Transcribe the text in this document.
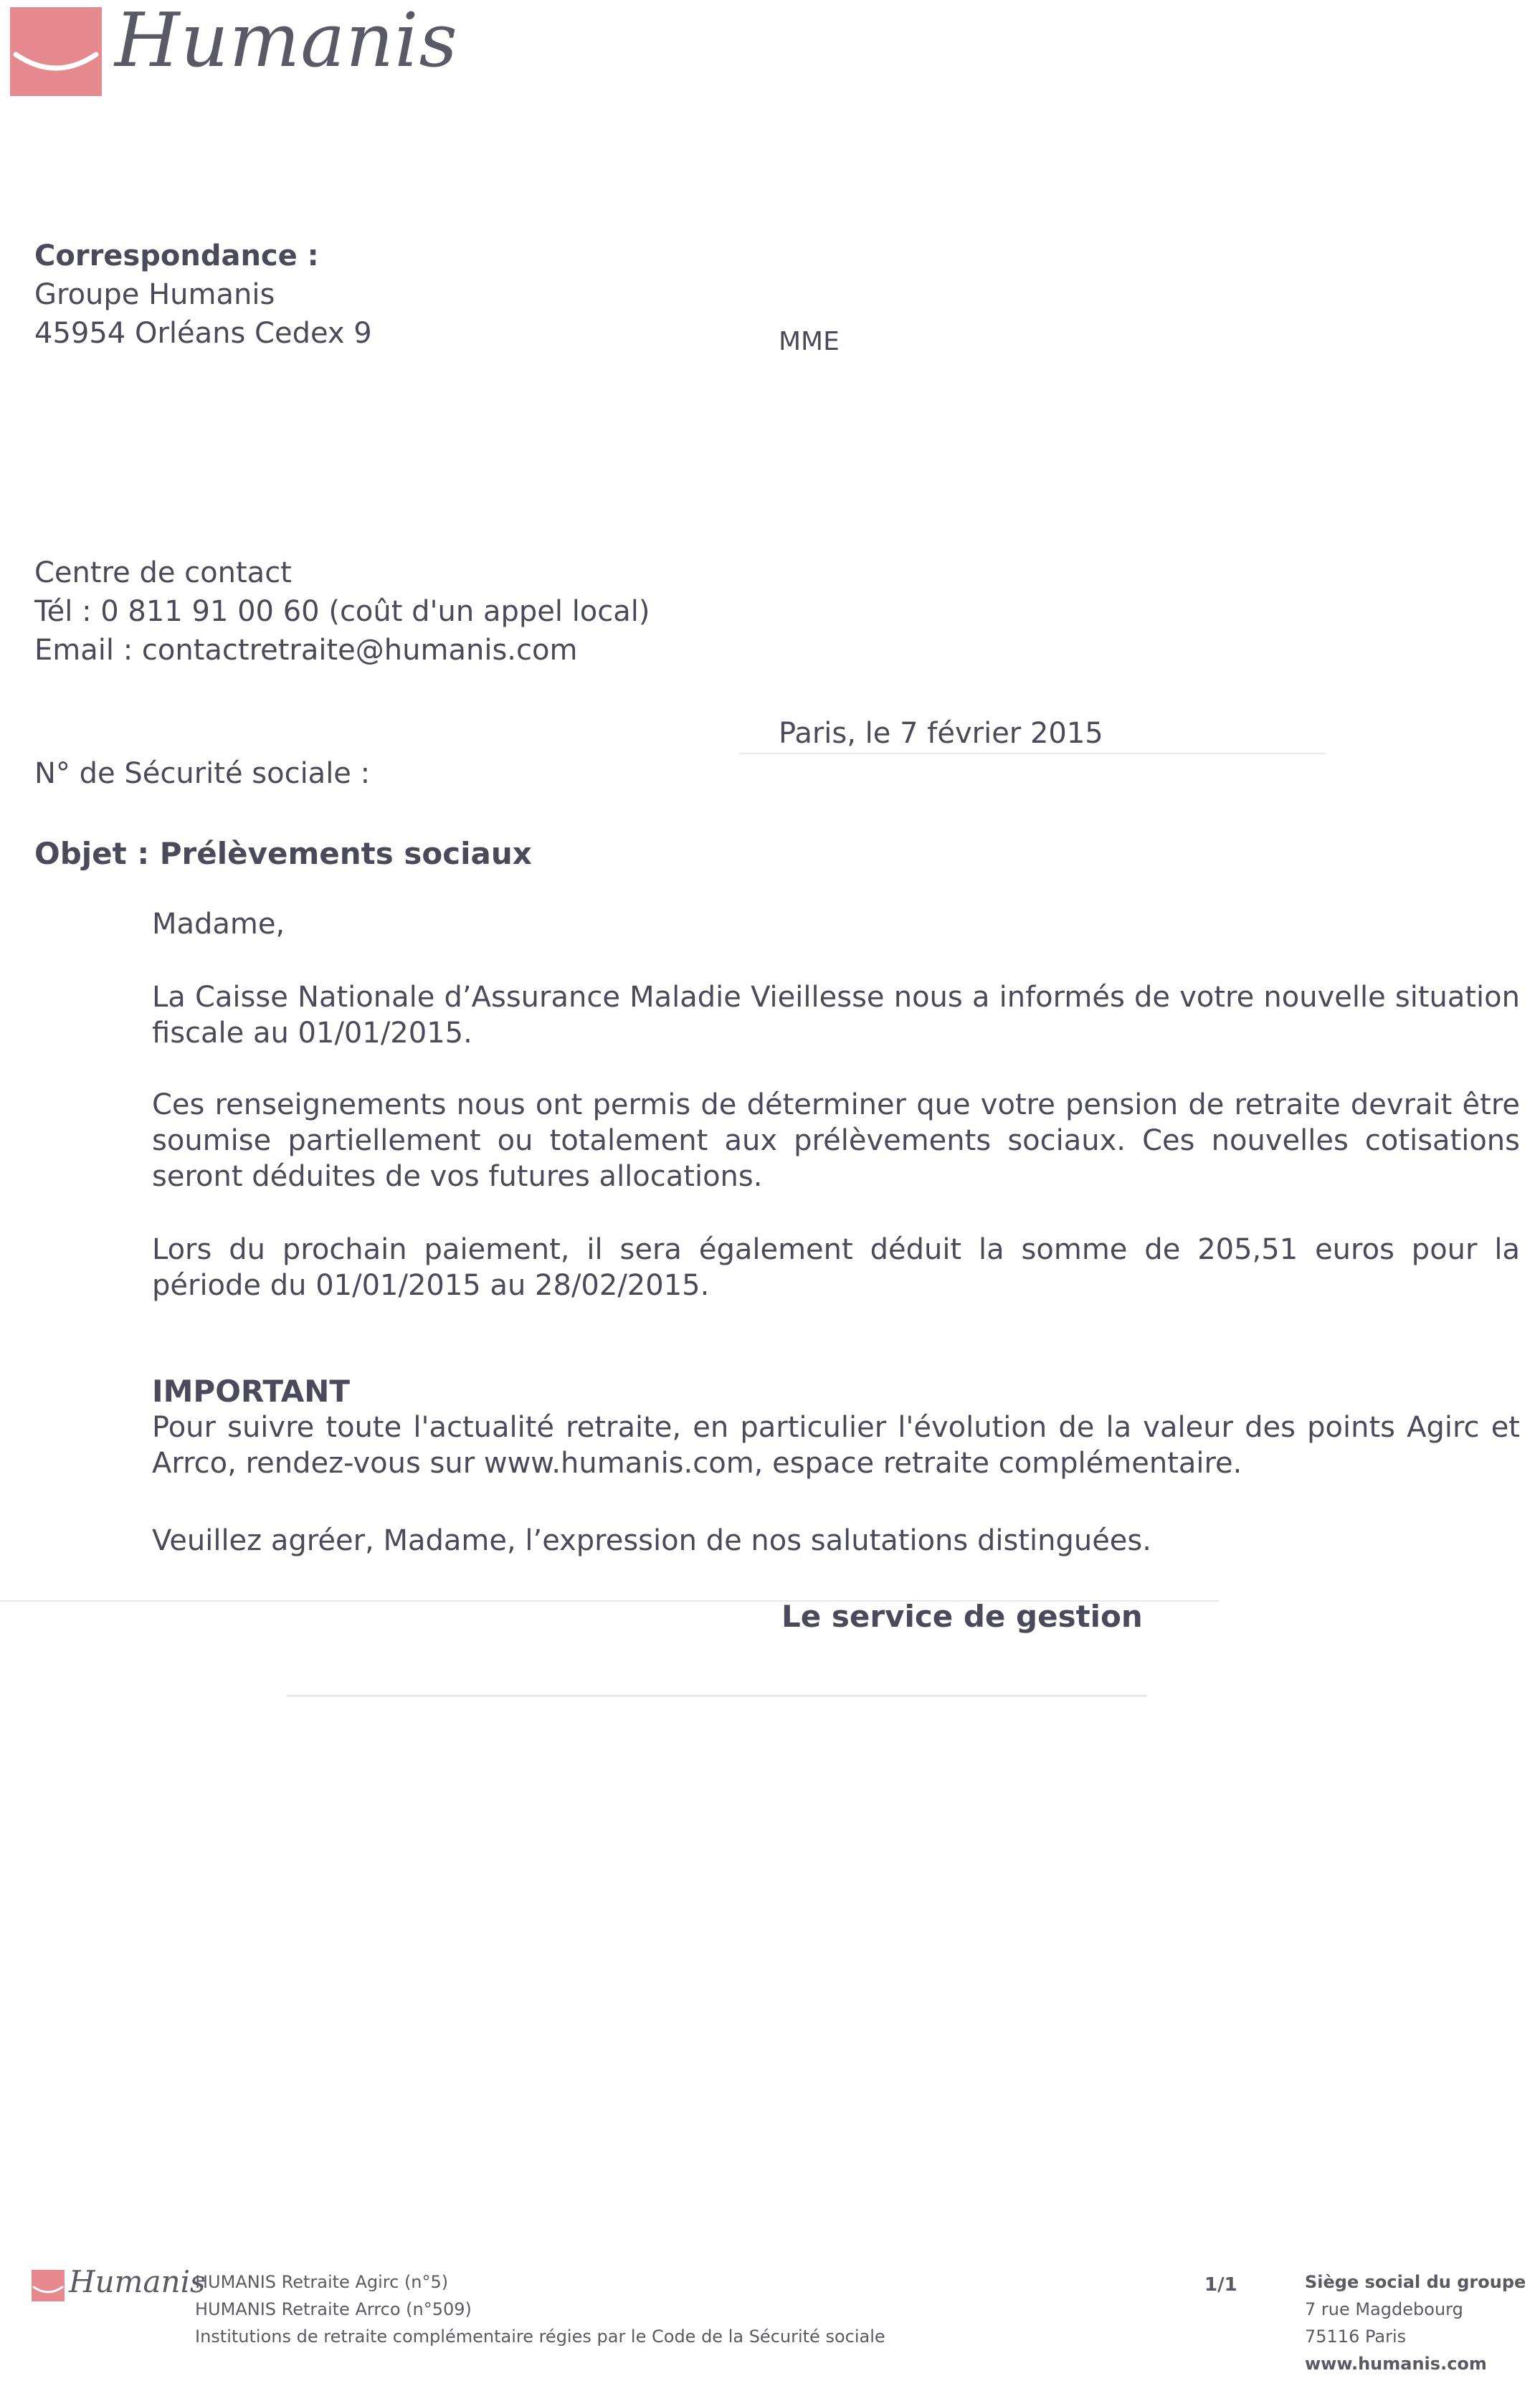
Humanis
Correspondance :
Groupe Humanis
45954 Orléans Cedex 9	MME
Centre de contact
Tél : 0 811 91 00 60 (coût d'un appel local)
Email : contactretraite@humanis.com
Paris, le 7 février 2015
N° de Sécurité sociale :
Objet : Prélèvements sociaux
Madame,
La Caisse Nationale d’Assurance Maladie Vieillesse nous a informés de votre nouvelle situation fiscale au 01/01/2015.
Ces renseignements nous ont permis de déterminer que votre pension de retraite devrait être soumise partiellement ou totalement aux prélèvements sociaux. Ces nouvelles cotisations seront déduites de vos futures allocations.
Lors du prochain paiement, il sera également déduit la somme de 205,51 euros pour la période du 01/01/2015 au 28/02/2015.
IMPORTANT
Pour suivre toute l'actualité retraite, en particulier l'évolution de la valeur des points Agirc et Arrco, rendez-vous sur www.humanis.com, espace retraite complémentaire.
Veuillez agréer, Madame, l’expression de nos salutations distinguées.
Le service de gestion
Humanis
HUMANIS Retraite Agirc (n°5)
HUMANIS Retraite Arrco (n°509)
Institutions de retraite complémentaire régies par le Code de la Sécurité sociale
1/1	Siège social du groupe
7 rue Magdebourg
75116 Paris
www.humanis.com
